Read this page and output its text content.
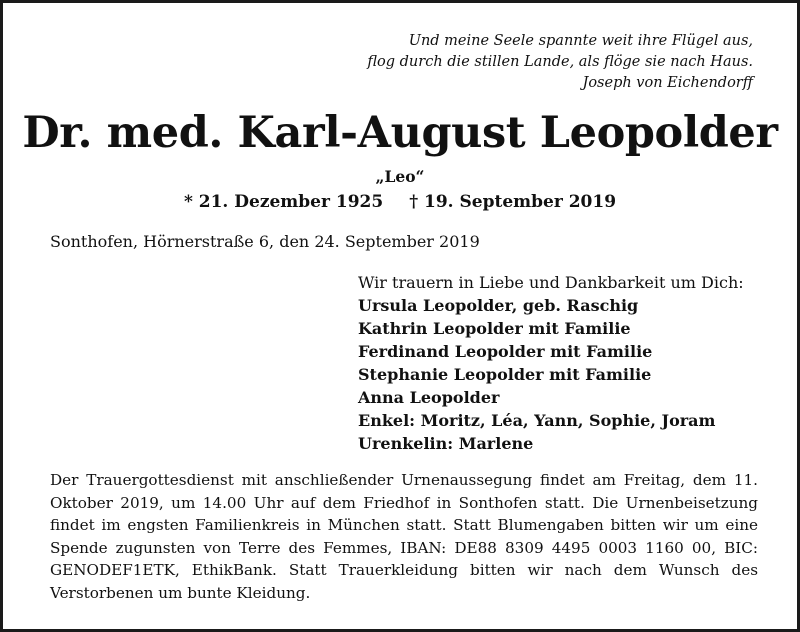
Und meine Seele spannte weit ihre Flügel aus,
flog durch die stillen Lande, als flöge sie nach Haus.

Joseph von Eichendorff
Dr. med. Karl-August Leopolder
„Leo“
* 21. Dezember 1925 † 19. September 2019
Sonthofen, Hörnerstraße 6, den 24. September 2019
Wir trauern in Liebe und Dankbarkeit um Dich:
Ursula Leopolder, geb. Raschig
Kathrin Leopolder mit Familie
Ferdinand Leopolder mit Familie
Stephanie Leopolder mit Familie
Anna Leopolder
Enkel: Moritz, Léa, Yann, Sophie, Joram
Urenkelin: Marlene

Der Trauergottesdienst mit anschließender Urnenaussegung findet am Freitag, dem 11. Oktober 2019, um 14.00 Uhr auf dem Friedhof in Sonthofen statt. Die Urnenbeisetzung findet im engsten Familienkreis in München statt. Statt Blumengaben bitten wir um eine Spende zugunsten von Terre des Femmes, IBAN: DE88 8309 4495 0003 1160 00, BIC: GENODEF1ETK, EthikBank. Statt Trauerkleidung bitten wir nach dem Wunsch des Verstorbenen um bunte Kleidung.
